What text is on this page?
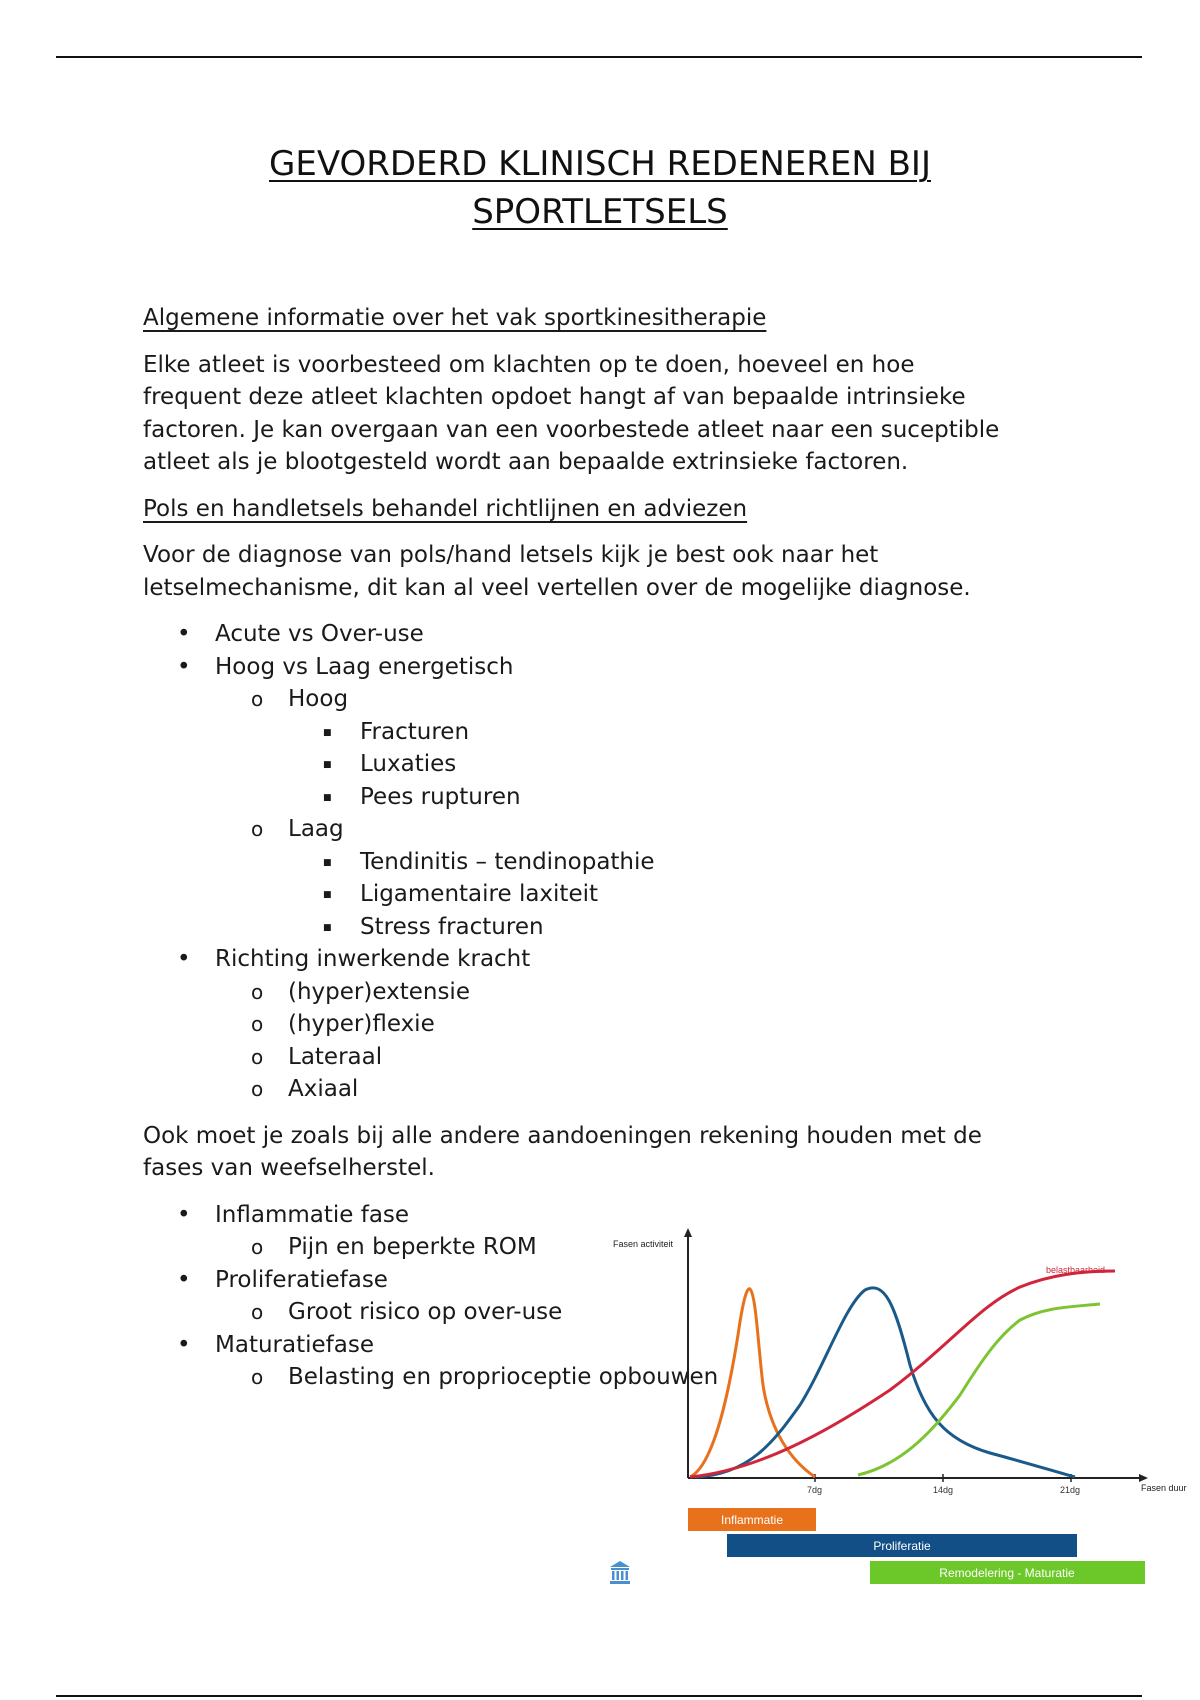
GEVORDERD KLINISCH REDENEREN BIJ
SPORTLETSELS
Algemene informatie over het vak sportkinesitherapie
Elke atleet is voorbesteed om klachten op te doen, hoeveel en hoe
frequent deze atleet klachten opdoet hangt af van bepaalde intrinsieke
factoren. Je kan overgaan van een voorbestede atleet naar een suceptible
atleet als je blootgesteld wordt aan bepaalde extrinsieke factoren.
Pols en handletsels behandel richtlijnen en adviezen
Voor de diagnose van pols/hand letsels kijk je best ook naar het
letselmechanisme, dit kan al veel vertellen over de mogelijke diagnose.
• Acute vs Over-use
• Hoog vs Laag energetisch
o Hoog
■ Fracturen
■ Luxaties
■ Pees rupturen
o Laag
■ Tendinitis – tendinopathie
■ Ligamentaire laxiteit
■ Stress fracturen
• Richting inwerkende kracht
o (hyper)extensie
o (hyper)flexie
o Lateraal
o Axiaal
Ook moet je zoals bij alle andere aandoeningen rekening houden met de
fases van weefselherstel.
• Inflammatie fase
o Pijn en beperkte ROM
• Proliferatiefase
o Groot risico op over-use
• Maturatiefase
o Belasting en proprioceptie opbouwen
Fasen activiteit
Fasen duur
7dg	14dg	21dg
belastbaarheid
Inflammatie
Proliferatie
Remodelering - Maturatie
